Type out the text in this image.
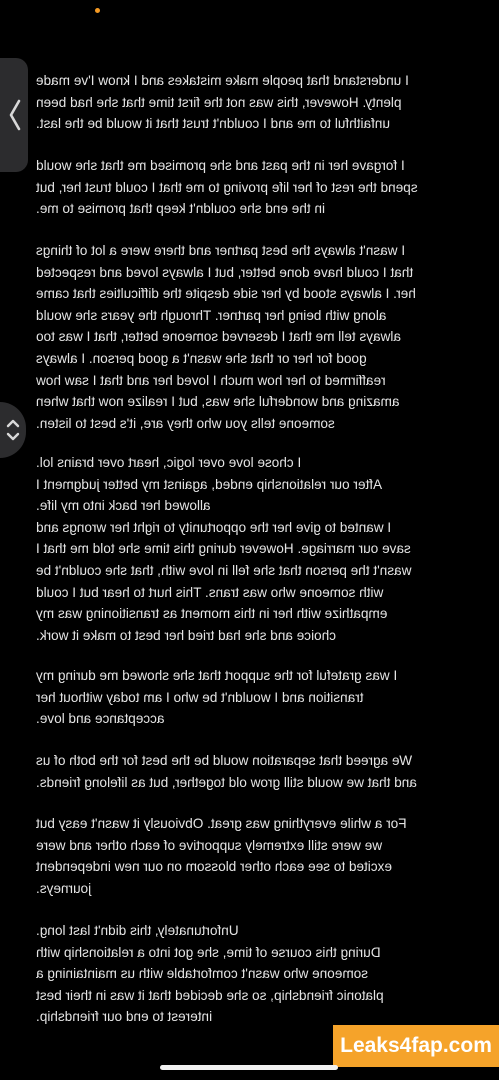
I understand that people make mistakes and I know I've made
plenty. However, this was not the first time that she had been
unfaithful to me and I couldn't trust that it would be the last.

I forgave her in the past and she promised me that she would
spend the rest of her life proving to me that I could trust her, but
in the end she couldn't keep that promise to me.

I wasn't always the best partner and there were a lot of things
that I could have done better, but I always loved and respected
her. I always stood by her side despite the difficulties that came
along with being her partner. Through the years she would
always tell me that I deserved someone better, that I was too
good for her or that she wasn't a good person. I always
reaffirmed to her how much I loved her and that I saw how
amazing and wonderful she was, but I realize now that when
someone tells you who they are, it's best to listen.

I chose love over logic, heart over brains lol.
After our relationship ended, against my better judgment I
allowed her back into my life.
I wanted to give her the opportunity to right her wrongs and
save our marriage. However during this time she told me that I
wasn't the person that she fell in love with, that she couldn't be
with someone who was trans. This hurt to hear but I could
empathize with her in this moment as transitioning was my
choice and she had tried her best to make it work.

I was grateful for the support that she showed me during my
transition and I wouldn't be who I am today without her
acceptance and love.

We agreed that separation would be the best for the both of us
and that we would still grow old together, but as lifelong friends.

For a while everything was great. Obviously it wasn't easy but
we were still extremely supportive of each other and were
excited to see each other blossom on our new independent
journeys.

Unfortunately, this didn't last long.
During this course of time, she got into a relationship with
someone who wasn't comfortable with us maintaining a
platonic friendship, so she decided that it was in their best
interest to end our friendship.

Leaks4fap.com
